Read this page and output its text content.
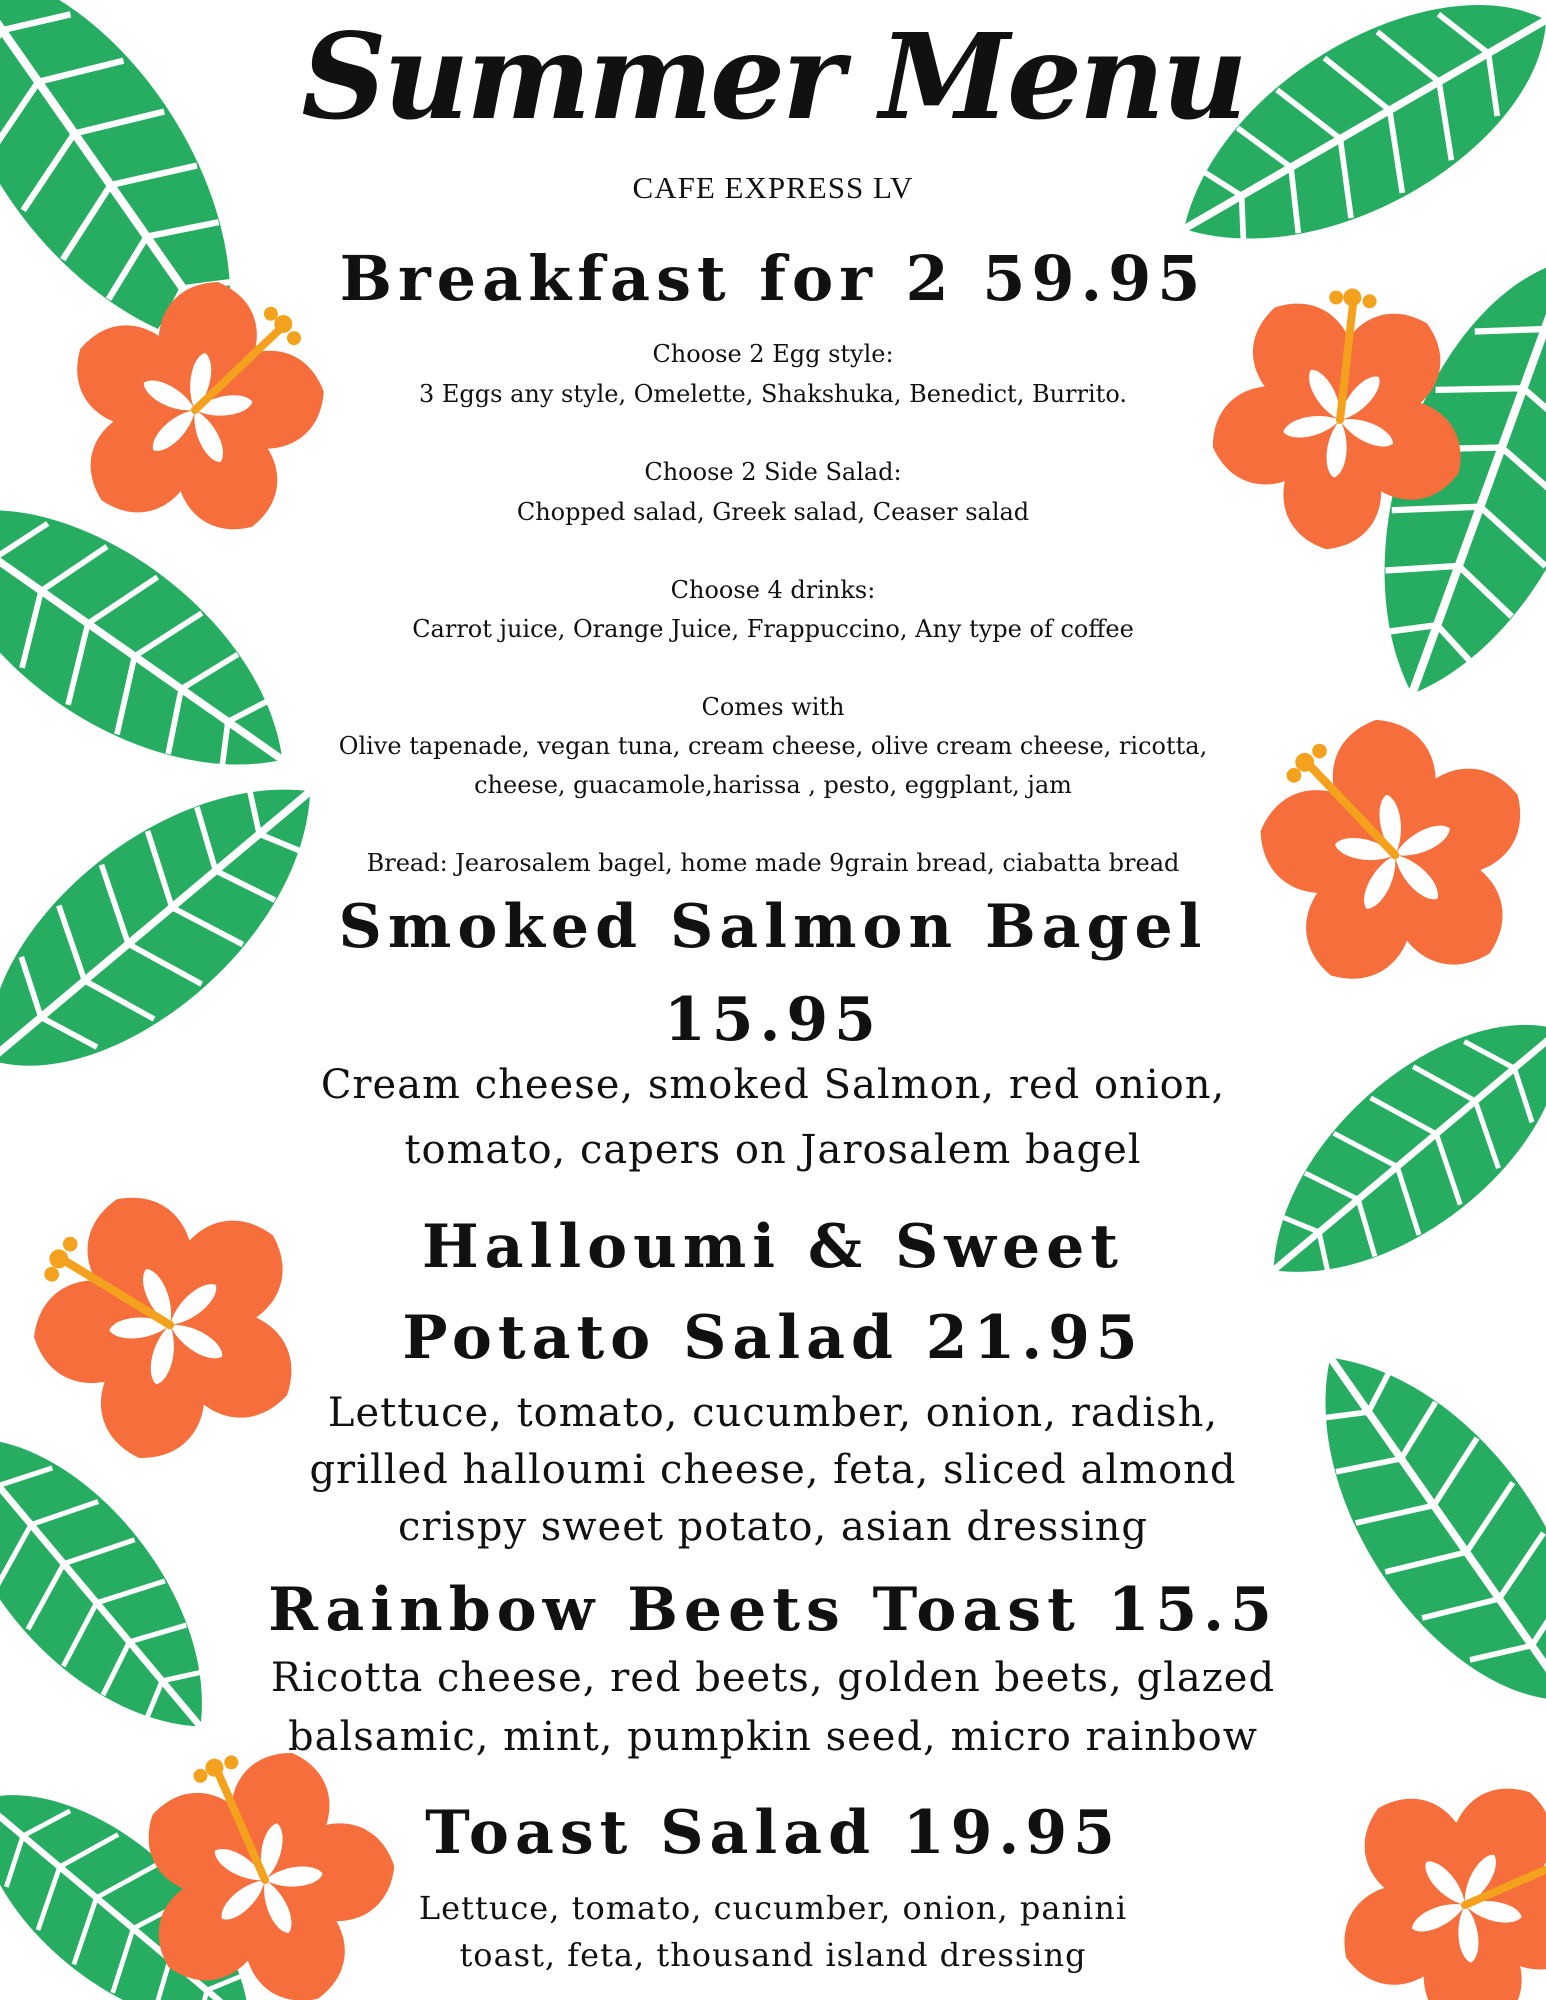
Summer Menu
CAFE EXPRESS LV
Breakfast for 2 59.95
Choose 2 Egg style:
3 Eggs any style, Omelette, Shakshuka, Benedict, Burrito.
Choose 2 Side Salad:
Chopped salad, Greek salad, Ceaser salad
Choose 4 drinks:
Carrot juice, Orange Juice, Frappuccino, Any type of coffee
Comes with
Olive tapenade, vegan tuna, cream cheese, olive cream cheese, ricotta,
cheese, guacamole,harissa , pesto, eggplant, jam
Bread: Jearosalem bagel, home made 9grain bread, ciabatta bread
Smoked Salmon Bagel
15.95
Cream cheese, smoked Salmon, red onion,
tomato, capers on Jarosalem bagel
Halloumi & Sweet
Potato Salad 21.95
Lettuce, tomato, cucumber, onion, radish,
grilled halloumi cheese, feta, sliced almond
crispy sweet potato, asian dressing
Rainbow Beets Toast 15.5
Ricotta cheese, red beets, golden beets, glazed
balsamic, mint, pumpkin seed, micro rainbow
Toast Salad 19.95
Lettuce, tomato, cucumber, onion, panini
toast, feta, thousand island dressing
